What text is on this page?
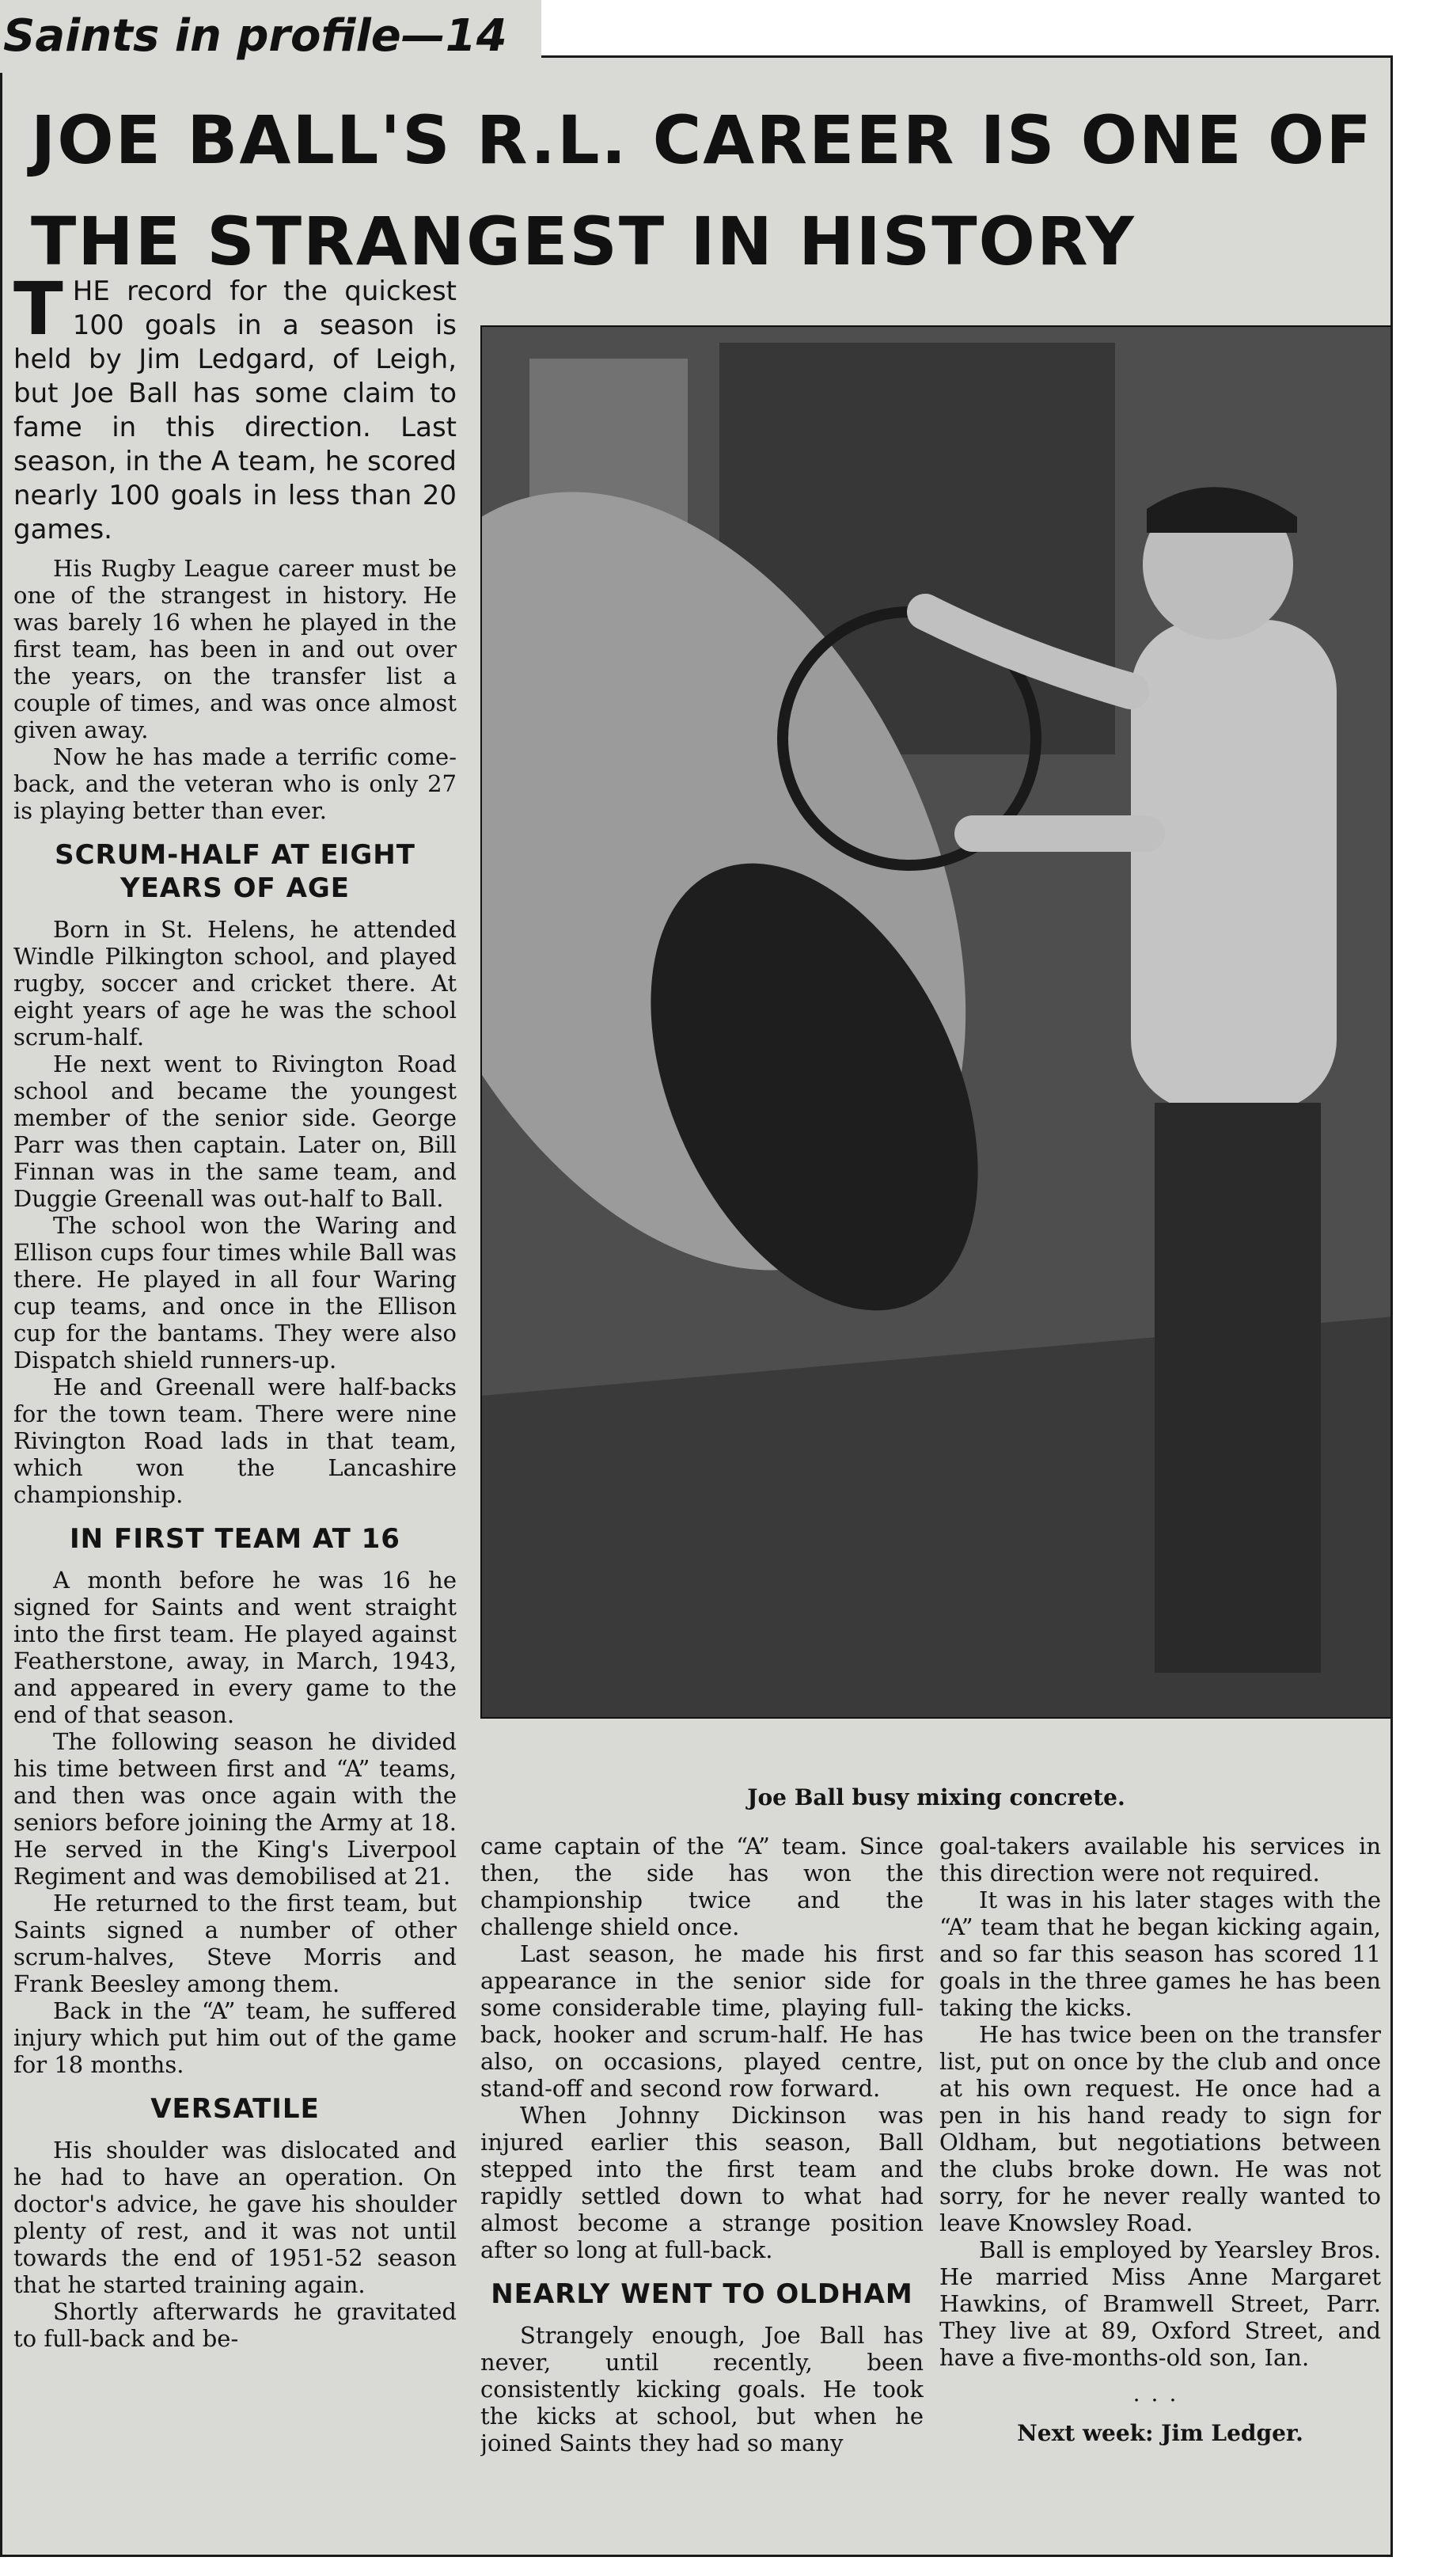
Saints in profile—14
JOE BALL'S R.L. CAREER IS ONE OF THE STRANGEST IN HISTORY
THE record for the quickest 100 goals in a season is held by Jim Ledgard, of Leigh, but Joe Ball has some claim to fame in this direction. Last season, in the A team, he scored nearly 100 goals in less than 20 games.

His Rugby League career must be one of the strangest in history. He was barely 16 when he played in the first team, has been in and out over the years, on the transfer list a couple of times, and was once almost given away.

Now he has made a terrific come-back, and the veteran who is only 27 is playing better than ever.

SCRUM-HALF AT EIGHT YEARS OF AGE

Born in St. Helens, he attended Windle Pilkington school, and played rugby, soccer and cricket there. At eight years of age he was the school scrum-half.

He next went to Rivington Road school and became the youngest member of the senior side. George Parr was then captain. Later on, Bill Finnan was in the same team, and Duggie Greenall was out-half to Ball.

The school won the Waring and Ellison cups four times while Ball was there. He played in all four Waring cup teams, and once in the Ellison cup for the bantams. They were also Dispatch shield runners-up.

He and Greenall were half-backs for the town team. There were nine Rivington Road lads in that team, which won the Lancashire championship.

IN FIRST TEAM AT 16

A month before he was 16 he signed for Saints and went straight into the first team. He played against Featherstone, away, in March, 1943, and appeared in every game to the end of that season.

The following season he divided his time between first and “A” teams, and then was once again with the seniors before joining the Army at 18. He served in the King's Liverpool Regiment and was demobilised at 21.

He returned to the first team, but Saints signed a number of other scrum-halves, Steve Morris and Frank Beesley among them.

Back in the “A” team, he suffered injury which put him out of the game for 18 months.

VERSATILE

His shoulder was dislocated and he had to have an operation. On doctor's advice, he gave his shoulder plenty of rest, and it was not until towards the end of 1951-52 season that he started training again.

Shortly afterwards he gravitated to full-back and be-

Joe Ball busy mixing concrete.

came captain of the “A” team. Since then, the side has won the championship twice and the challenge shield once.

Last season, he made his first appearance in the senior side for some considerable time, playing full-back, hooker and scrum-half. He has also, on occasions, played centre, stand-off and second row forward.

When Johnny Dickinson was injured earlier this season, Ball stepped into the first team and rapidly settled down to what had almost become a strange position after so long at full-back.

NEARLY WENT TO OLDHAM

Strangely enough, Joe Ball has never, until recently, been consistently kicking goals. He took the kicks at school, but when he joined Saints they had so many

goal-takers available his services in this direction were not required.

It was in his later stages with the “A” team that he began kicking again, and so far this season has scored 11 goals in the three games he has been taking the kicks.

He has twice been on the transfer list, put on once by the club and once at his own request. He once had a pen in his hand ready to sign for Oldham, but negotiations between the clubs broke down. He was not sorry, for he never really wanted to leave Knowsley Road.

Ball is employed by Yearsley Bros. He married Miss Anne Margaret Hawkins, of Bramwell Street, Parr. They live at 89, Oxford Street, and have a five-months-old son, Ian.

...
Next week: Jim Ledger.
